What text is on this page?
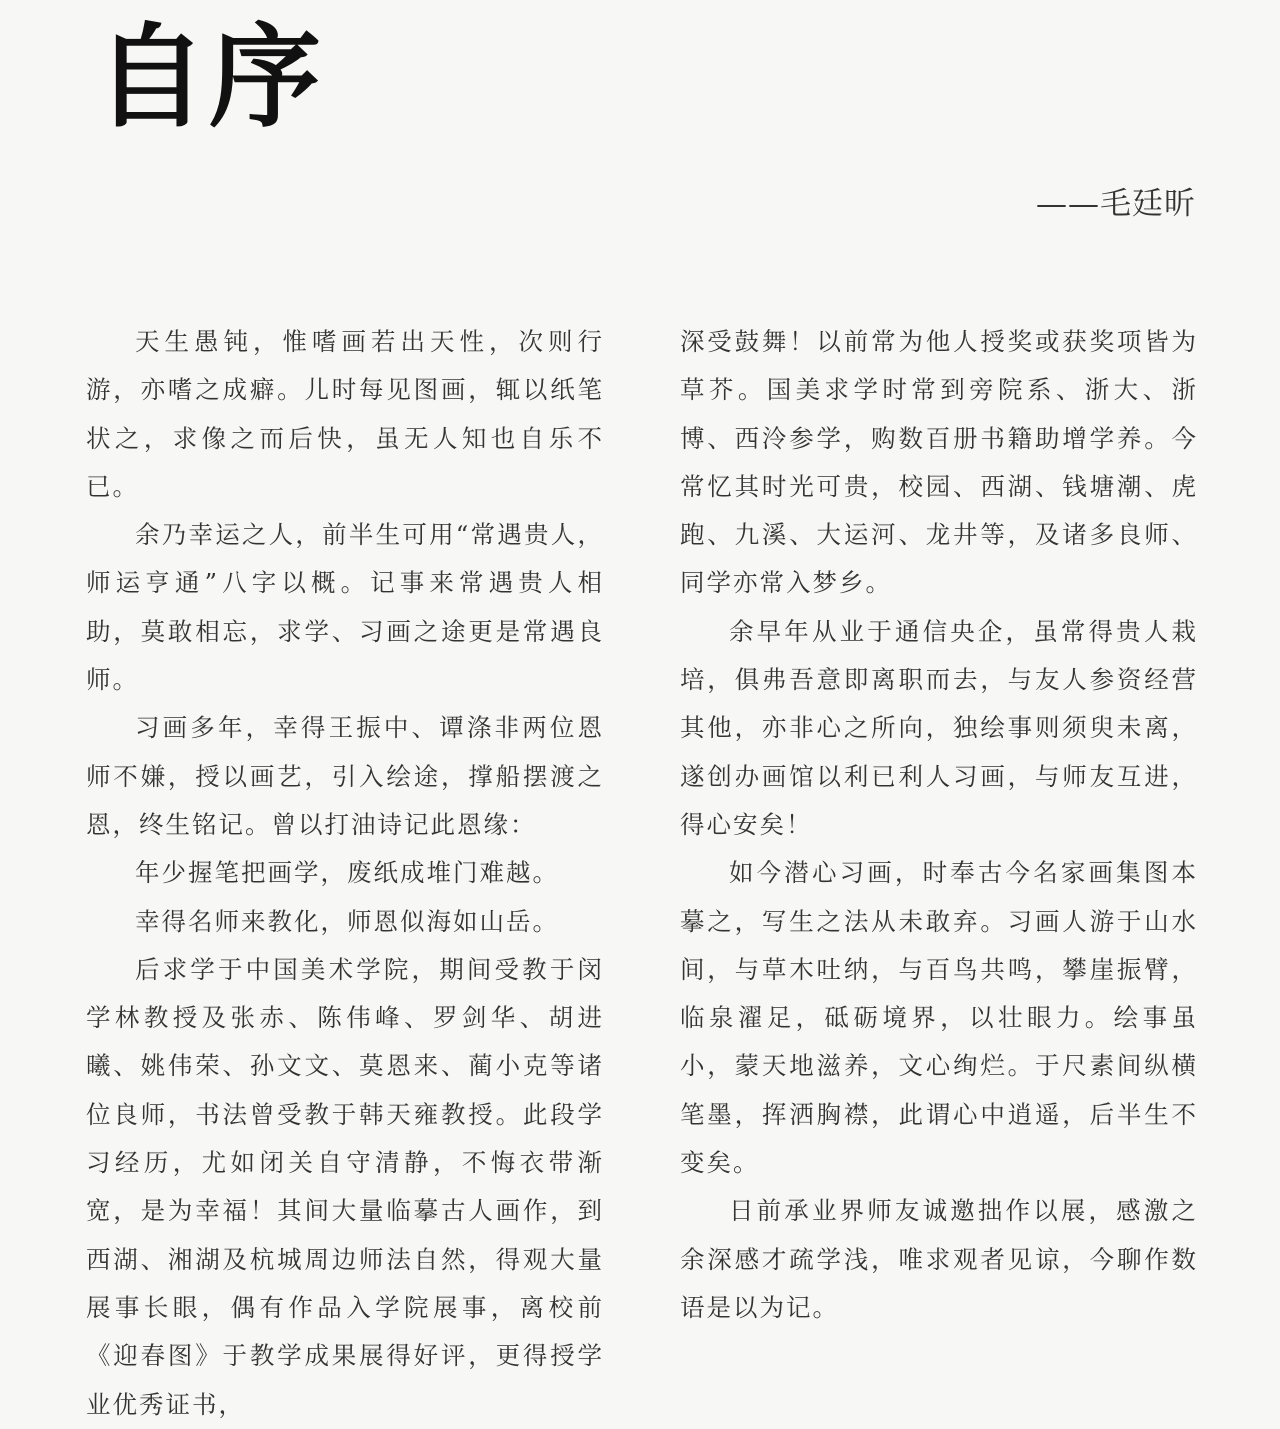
自序
——毛廷昕

天生愚钝，惟嗜画若出天性，次则行游，亦嗜之成癖。儿时每见图画，辄以纸笔状之，求像之而后快，虽无人知也自乐不已。

余乃幸运之人，前半生可用“常遇贵人，师运亨通”八字以概。记事来常遇贵人相助，莫敢相忘，求学、习画之途更是常遇良师。

习画多年，幸得王振中、谭涤非两位恩师不嫌，授以画艺，引入绘途，撑船摆渡之恩，终生铭记。曾以打油诗记此恩缘：

年少握笔把画学，废纸成堆门难越。

幸得名师来教化，师恩似海如山岳。

后求学于中国美术学院，期间受教于闵学林教授及张赤、陈伟峰、罗剑华、胡进曦、姚伟荣、孙文文、莫恩来、蔺小克等诸位良师，书法曾受教于韩天雍教授。此段学习经历，尤如闭关自守清静，不悔衣带渐宽，是为幸福！其间大量临摹古人画作，到西湖、湘湖及杭城周边师法自然，得观大量展事长眼，偶有作品入学院展事，离校前《迎春图》于教学成果展得好评，更得授学业优秀证书，

深受鼓舞！以前常为他人授奖或获奖项皆为草芥。国美求学时常到旁院系、浙大、浙博、西泠参学，购数百册书籍助增学养。今常忆其时光可贵，校园、西湖、钱塘潮、虎跑、九溪、大运河、龙井等，及诸多良师、同学亦常入梦乡。

余早年从业于通信央企，虽常得贵人栽培，俱弗吾意即离职而去，与友人参资经营其他，亦非心之所向，独绘事则须臾未离，遂创办画馆以利已利人习画，与师友互进，得心安矣！

如今潜心习画，时奉古今名家画集图本摹之，写生之法从未敢弃。习画人游于山水间，与草木吐纳，与百鸟共鸣，攀崖振臂，临泉濯足，砥砺境界，以壮眼力。绘事虽小，蒙天地滋养，文心绚烂。于尺素间纵横笔墨，挥洒胸襟，此谓心中逍遥，后半生不变矣。

日前承业界师友诚邀拙作以展，感激之余深感才疏学浅，唯求观者见谅，今聊作数语是以为记。
